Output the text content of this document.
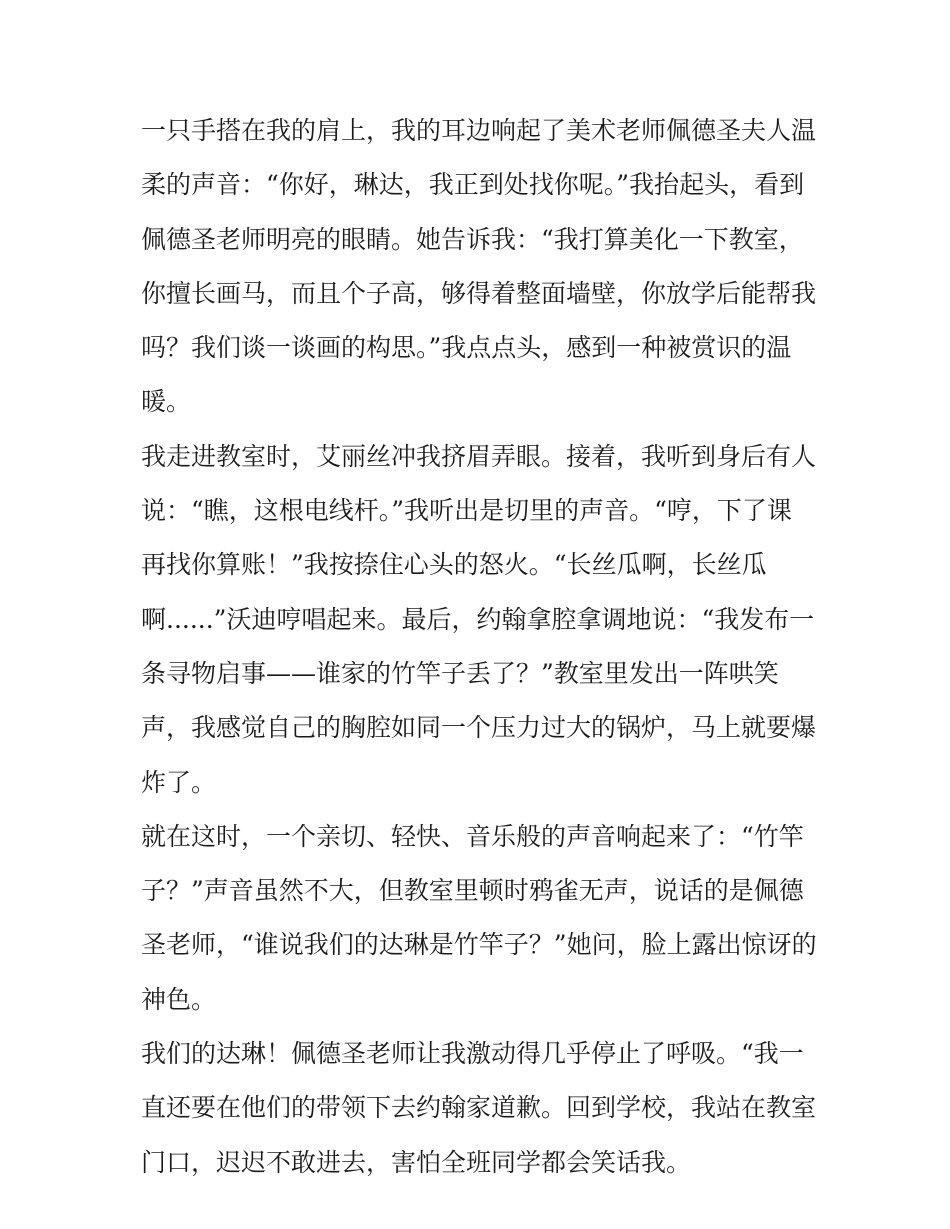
一只手搭在我的肩上，我的耳边响起了美术老师佩德圣夫人温
柔的声音：“你好，琳达，我正到处找你呢。”我抬起头，看到
佩德圣老师明亮的眼睛。她告诉我：“我打算美化一下教室，
你擅长画马，而且个子高，够得着整面墙壁，你放学后能帮我
吗？我们谈一谈画的构思。”我点点头，感到一种被赏识的温
暖。
我走进教室时，艾丽丝冲我挤眉弄眼。接着，我听到身后有人
说：“瞧，这根电线杆。”我听出是切里的声音。“哼，下了课
再找你算账！”我按捺住心头的怒火。“长丝瓜啊，长丝瓜
啊......”沃迪哼唱起来。最后，约翰拿腔拿调地说：“我发布一
条寻物启事——谁家的竹竿子丢了？”教室里发出一阵哄笑
声，我感觉自己的胸腔如同一个压力过大的锅炉，马上就要爆
炸了。
就在这时，一个亲切、轻快、音乐般的声音响起来了：“竹竿
子？”声音虽然不大，但教室里顿时鸦雀无声，说话的是佩德
圣老师，“谁说我们的达琳是竹竿子？”她问，脸上露出惊讶的
神色。
我们的达琳！佩德圣老师让我激动得几乎停止了呼吸。“我一
直还要在他们的带领下去约翰家道歉。回到学校，我站在教室
门口，迟迟不敢进去，害怕全班同学都会笑话我。
